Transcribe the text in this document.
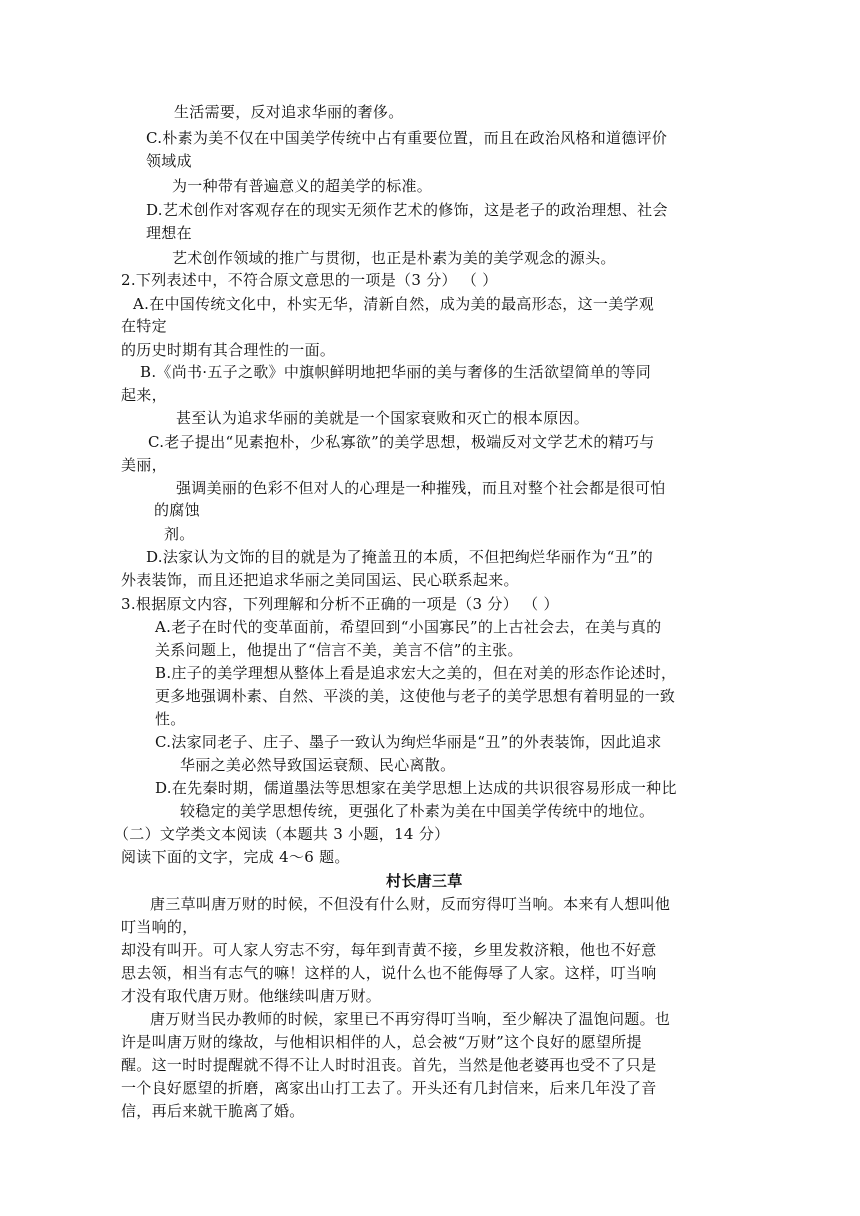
生活需要，反对追求华丽的奢侈。
C.朴素为美不仅在中国美学传统中占有重要位置，而且在政治风格和道德评价
领域成
为一种带有普遍意义的超美学的标准。
D.艺术创作对客观存在的现实无须作艺术的修饰，这是老子的政治理想、社会
理想在
艺术创作领域的推广与贯彻，也正是朴素为美的美学观念的源头。
2.下列表述中，不符合原文意思的一项是（3 分） （ ）
A.在中国传统文化中，朴实无华，清新自然，成为美的最高形态，这一美学观
在特定
的历史时期有其合理性的一面。
B.《尚书·五子之歌》中旗帜鲜明地把华丽的美与奢侈的生活欲望简单的等同
起来，
甚至认为追求华丽的美就是一个国家衰败和灭亡的根本原因。
C.老子提出“见素抱朴，少私寡欲”的美学思想，极端反对文学艺术的精巧与
美丽，
强调美丽的色彩不但对人的心理是一种摧残，而且对整个社会都是很可怕
的腐蚀
剂。
D.法家认为文饰的目的就是为了掩盖丑的本质，不但把绚烂华丽作为“丑”的
外表装饰，而且还把追求华丽之美同国运、民心联系起来。
3.根据原文内容，下列理解和分析不正确的一项是（3 分） （ ）
A.老子在时代的变革面前，希望回到“小国寡民”的上古社会去，在美与真的
关系问题上，他提出了“信言不美，美言不信”的主张。
B.庄子的美学理想从整体上看是追求宏大之美的，但在对美的形态作论述时，
更多地强调朴素、自然、平淡的美，这使他与老子的美学思想有着明显的一致
性。
C.法家同老子、庄子、墨子一致认为绚烂华丽是“丑”的外表装饰，因此追求
华丽之美必然导致国运衰颓、民心离散。
D.在先秦时期，儒道墨法等思想家在美学思想上达成的共识很容易形成一种比
较稳定的美学思想传统，更强化了朴素为美在中国美学传统中的地位。
（二）文学类文本阅读（本题共 3 小题，14 分）
阅读下面的文字，完成 4～6 题。
村长唐三草
唐三草叫唐万财的时候，不但没有什么财，反而穷得叮当响。本来有人想叫他
叮当响的，
却没有叫开。可人家人穷志不穷，每年到青黄不接，乡里发救济粮，他也不好意
思去领，相当有志气的嘛！这样的人，说什么也不能侮辱了人家。这样，叮当响
才没有取代唐万财。他继续叫唐万财。
唐万财当民办教师的时候，家里已不再穷得叮当响，至少解决了温饱问题。也
许是叫唐万财的缘故，与他相识相伴的人，总会被“万财”这个良好的愿望所提
醒。这一时时提醒就不得不让人时时沮丧。首先，当然是他老婆再也受不了只是
一个良好愿望的折磨，离家出山打工去了。开头还有几封信来，后来几年没了音
信，再后来就干脆离了婚。
